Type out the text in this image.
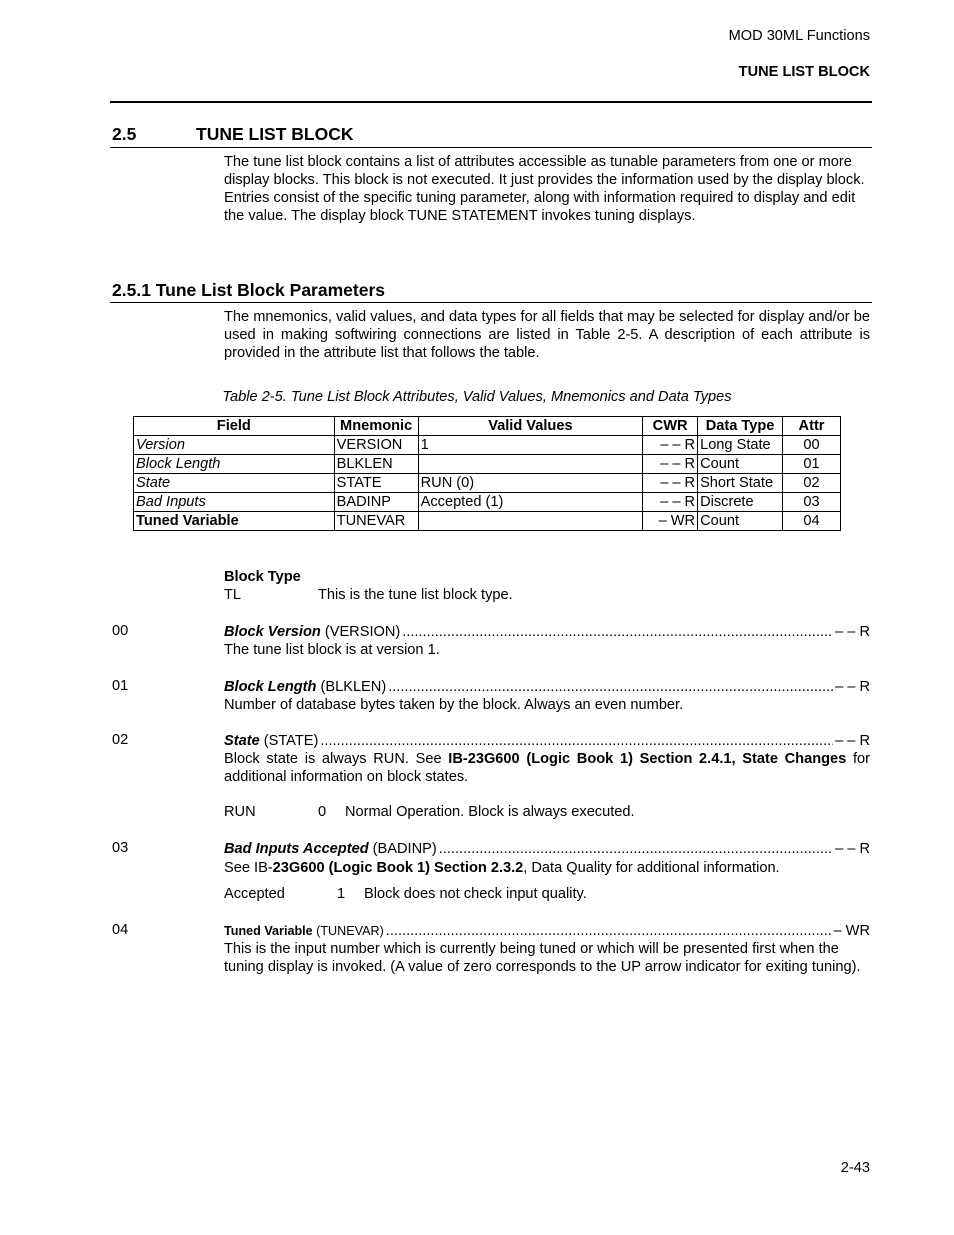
MOD 30ML Functions
TUNE LIST BLOCK
2.5	TUNE LIST BLOCK
The tune list block contains a list of attributes accessible as tunable parameters from one or more display blocks. This block is not executed. It just provides the information used by the display block. Entries consist of the specific tuning parameter, along with information required to display and edit the value. The display block TUNE STATEMENT invokes tuning displays.
2.5.1 Tune List Block Parameters
The mnemonics, valid values, and data types for all fields that may be selected for display and/or be used in making softwiring connections are listed in Table 2-5. A description of each attribute is provided in the attribute list that follows the table.
Table 2-5. Tune List Block Attributes, Valid Values, Mnemonics and Data Types
Field	Mnemonic	Valid Values	CWR	Data Type	Attr
Version	VERSION	1	– – R	Long State	00
Block Length	BLKLEN		– – R	Count	01
State	STATE	RUN (0)	– – R	Short State	02
Bad Inputs	BADINP	Accepted (1)	– – R	Discrete	03
Tuned Variable	TUNEVAR		– WR	Count	04
Block Type
TL	This is the tune list block type.
00	Block Version (VERSION) .....	– – R
The tune list block is at version 1.
01	Block Length (BLKLEN) .....	– – R
Number of database bytes taken by the block. Always an even number.
02	State (STATE) .....	– – R
Block state is always RUN. See IB-23G600 (Logic Book 1) Section 2.4.1, State Changes for additional information on block states.
RUN	0 Normal Operation. Block is always executed.
03	Bad Inputs Accepted (BADINP) .....	– – R
See IB-23G600 (Logic Book 1) Section 2.3.2, Data Quality for additional information.
Accepted	1 Block does not check input quality.
04	Tuned Variable (TUNEVAR) .....	– WR
This is the input number which is currently being tuned or which will be presented first when the tuning display is invoked. (A value of zero corresponds to the UP arrow indicator for exiting tuning).
2-43
